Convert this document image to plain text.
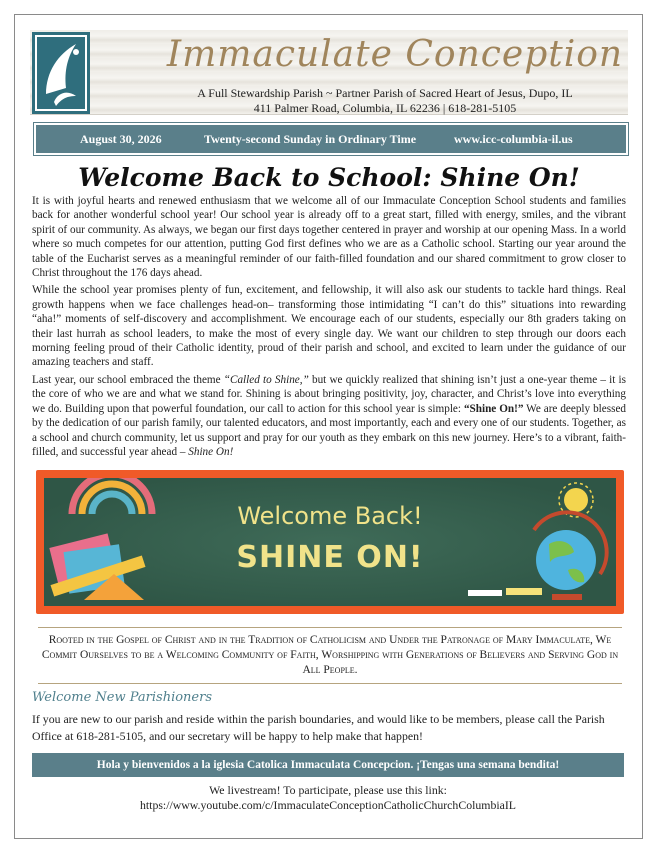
Immaculate Conception
A Full Stewardship Parish ~ Partner Parish of Sacred Heart of Jesus, Dupo, IL
411 Palmer Road, Columbia, IL 62236 | 618-281-5105
August 30, 2026	Twenty-second Sunday in Ordinary Time	www.icc-columbia-il.us
Welcome Back to School: Shine On!

It is with joyful hearts and renewed enthusiasm that we welcome all of our Immaculate Conception School students and families back for another wonderful school year! Our school year is already off to a great start, filled with energy, smiles, and the vibrant spirit of our community. As always, we began our first days together centered in prayer and worship at our opening Mass. In a world where so much competes for our attention, putting God first defines who we are as a Catholic school. Starting our year around the table of the Eucharist serves as a meaningful reminder of our faith-filled foundation and our shared commitment to grow closer to Christ throughout the 176 days ahead.

While the school year promises plenty of fun, excitement, and fellowship, it will also ask our students to tackle hard things. Real growth happens when we face challenges head-on– transforming those intimidating “I can’t do this” situations into rewarding “aha!” moments of self-discovery and accomplishment. We encourage each of our students, especially our 8th graders taking on their last hurrah as school leaders, to make the most of every single day. We want our children to step through our doors each morning feeling proud of their Catholic identity, proud of their parish and school, and excited to learn under the guidance of our amazing teachers and staff.

Last year, our school embraced the theme “Called to Shine,” but we quickly realized that shining isn’t just a one-year theme – it is the core of who we are and what we stand for. Shining is about bringing positivity, joy, character, and Christ’s love into everything we do. Building upon that powerful foundation, our call to action for this school year is simple: “Shine On!” We are deeply blessed by the dedication of our parish family, our talented educators, and most importantly, each and every one of our students. Together, as a school and church community, let us support and pray for our youth as they embark on this new journey. Here’s to a vibrant, faith-filled, and successful year ahead – Shine On!

Welcome Back!
SHINE ON!
Rooted in the Gospel of Christ and in the Tradition of Catholicism and Under the Patronage of Mary Immaculate, We Commit Ourselves to be a Welcoming Community of Faith, Worshipping with Generations of Believers and Serving God in All People.
Welcome New Parishioners
If you are new to our parish and reside within the parish boundaries, and would like to be members, please call the Parish Office at 618-281-5105, and our secretary will be happy to help make that happen!
Hola y bienvenidos a la iglesia Catolica Immaculata Concepcion. ¡Tengas una semana bendita!
We livestream! To participate, please use this link:
https://www.youtube.com/c/ImmaculateConceptionCatholicChurchColumbiaIL
